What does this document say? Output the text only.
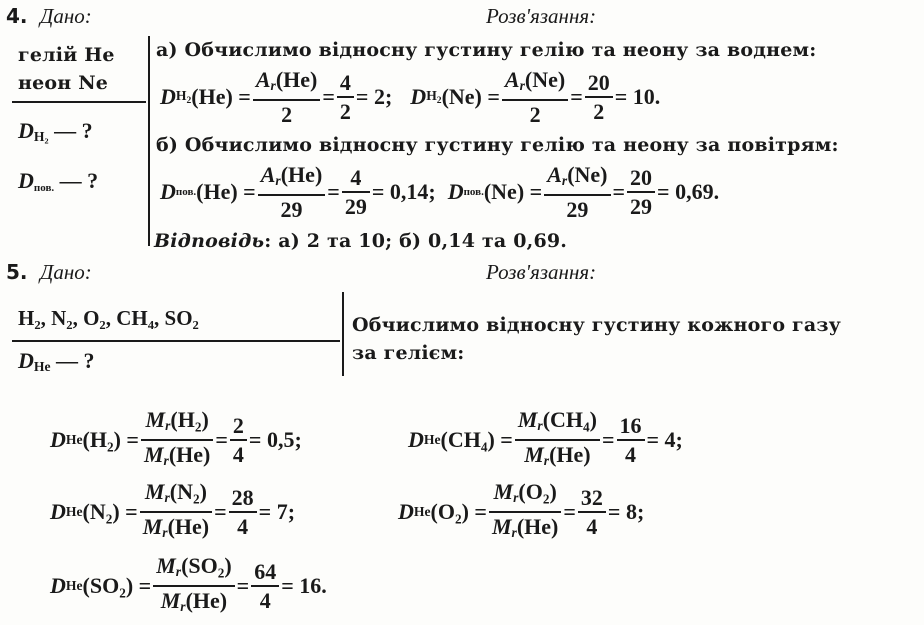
4. Дано:	Розв'язання:
гелій He
неон Ne
$D_{H_2}$ — ?
$D_{пов.}$ — ?
а) Обчислимо відносну густину гелію та неону за воднем:
D $H_2$ $(He) = \frac{A_r(He)}{2} = \frac{4}{2} = 2$; D $H_2$ $(Ne) = \frac{A_r(Ne)}{2} = \frac{20}{2} = 10$.
б) Обчислимо відносну густину гелію та неону за повітрям:
D пов. $(He) = \frac{A_r(He)}{29} = \frac{4}{29} = 0,14$; D пов. $(Ne) = \frac{A_r(Ne)}{29} = \frac{20}{29} = 0,69$.
Відповідь: а) 2 та 10; б) 0,14 та 0,69.
5. Дано:	Розв'язання:
H₂, N₂, O₂, CH₄, SO₂
$D_{He}$ — ?
Обчислимо відносну густину кожного газу
за гелієм:
D He $(H_2) = \frac{M_r(H_2)}{M_r(He)} = \frac{2}{4} = 0,5$;	D He $(CH_4) = \frac{M_r(CH_4)}{M_r(He)} = \frac{16}{4} = 4$;
D He $(N_2) = \frac{M_r(N_2)}{M_r(He)} = \frac{28}{4} = 7$;	D He $(O_2) = \frac{M_r(O_2)}{M_r(He)} = \frac{32}{4} = 8$;
D He $(SO_2) = \frac{M_r(SO_2)}{M_r(He)} = \frac{64}{4} = 16$.
